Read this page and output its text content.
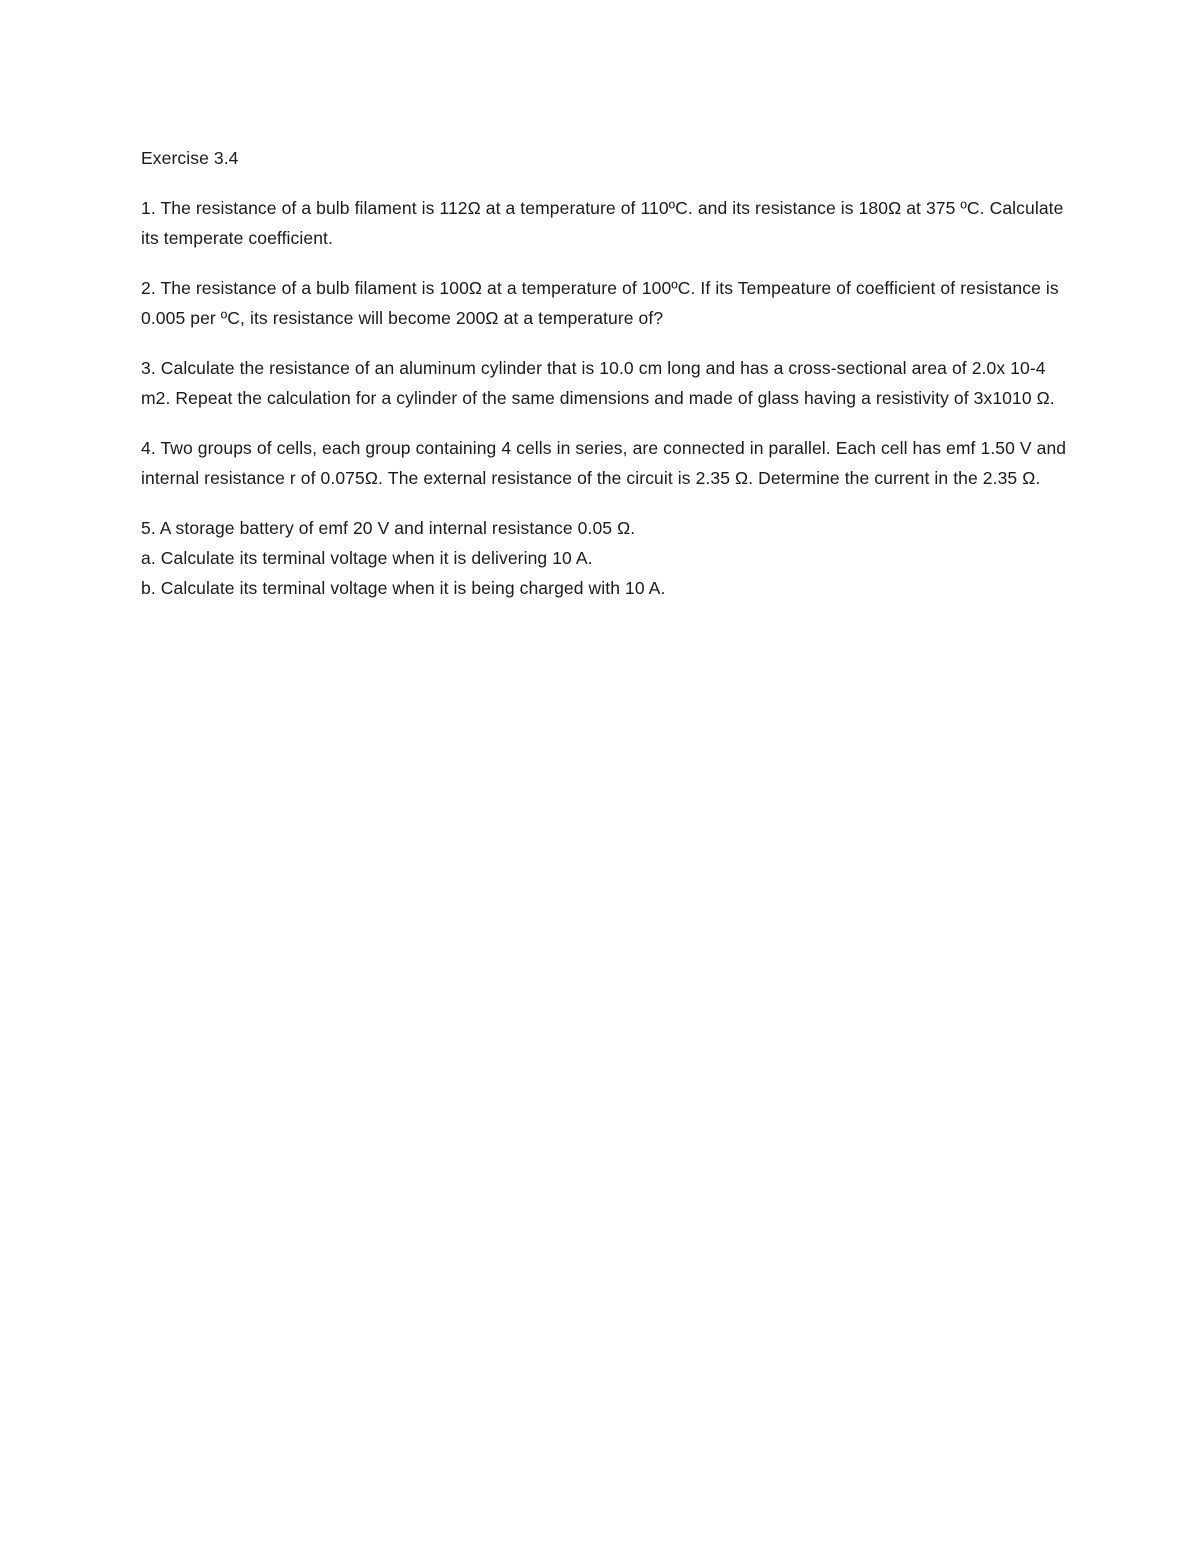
Exercise 3.4
1. The resistance of a bulb filament is 112Ω at a temperature of 110ºC. and its resistance is 180Ω at 375 ºC. Calculate its temperate coefficient.
2. The resistance of a bulb filament is 100Ω at a temperature of 100ºC. If its Tempeature of coefficient of resistance is 0.005 per ºC, its resistance will become 200Ω at a temperature of?
3. Calculate the resistance of an aluminum cylinder that is 10.0 cm long and has a cross-sectional area of 2.0x 10-4 m2. Repeat the calculation for a cylinder of the same dimensions and made of glass having a resistivity of 3x1010 Ω.
4. Two groups of cells, each group containing 4 cells in series, are connected in parallel. Each cell has emf 1.50 V and internal resistance r of 0.075Ω. The external resistance of the circuit is 2.35 Ω. Determine the current in the 2.35 Ω.
5. A storage battery of emf 20 V and internal resistance 0.05 Ω.
a. Calculate its terminal voltage when it is delivering 10 A.
b. Calculate its terminal voltage when it is being charged with 10 A.
